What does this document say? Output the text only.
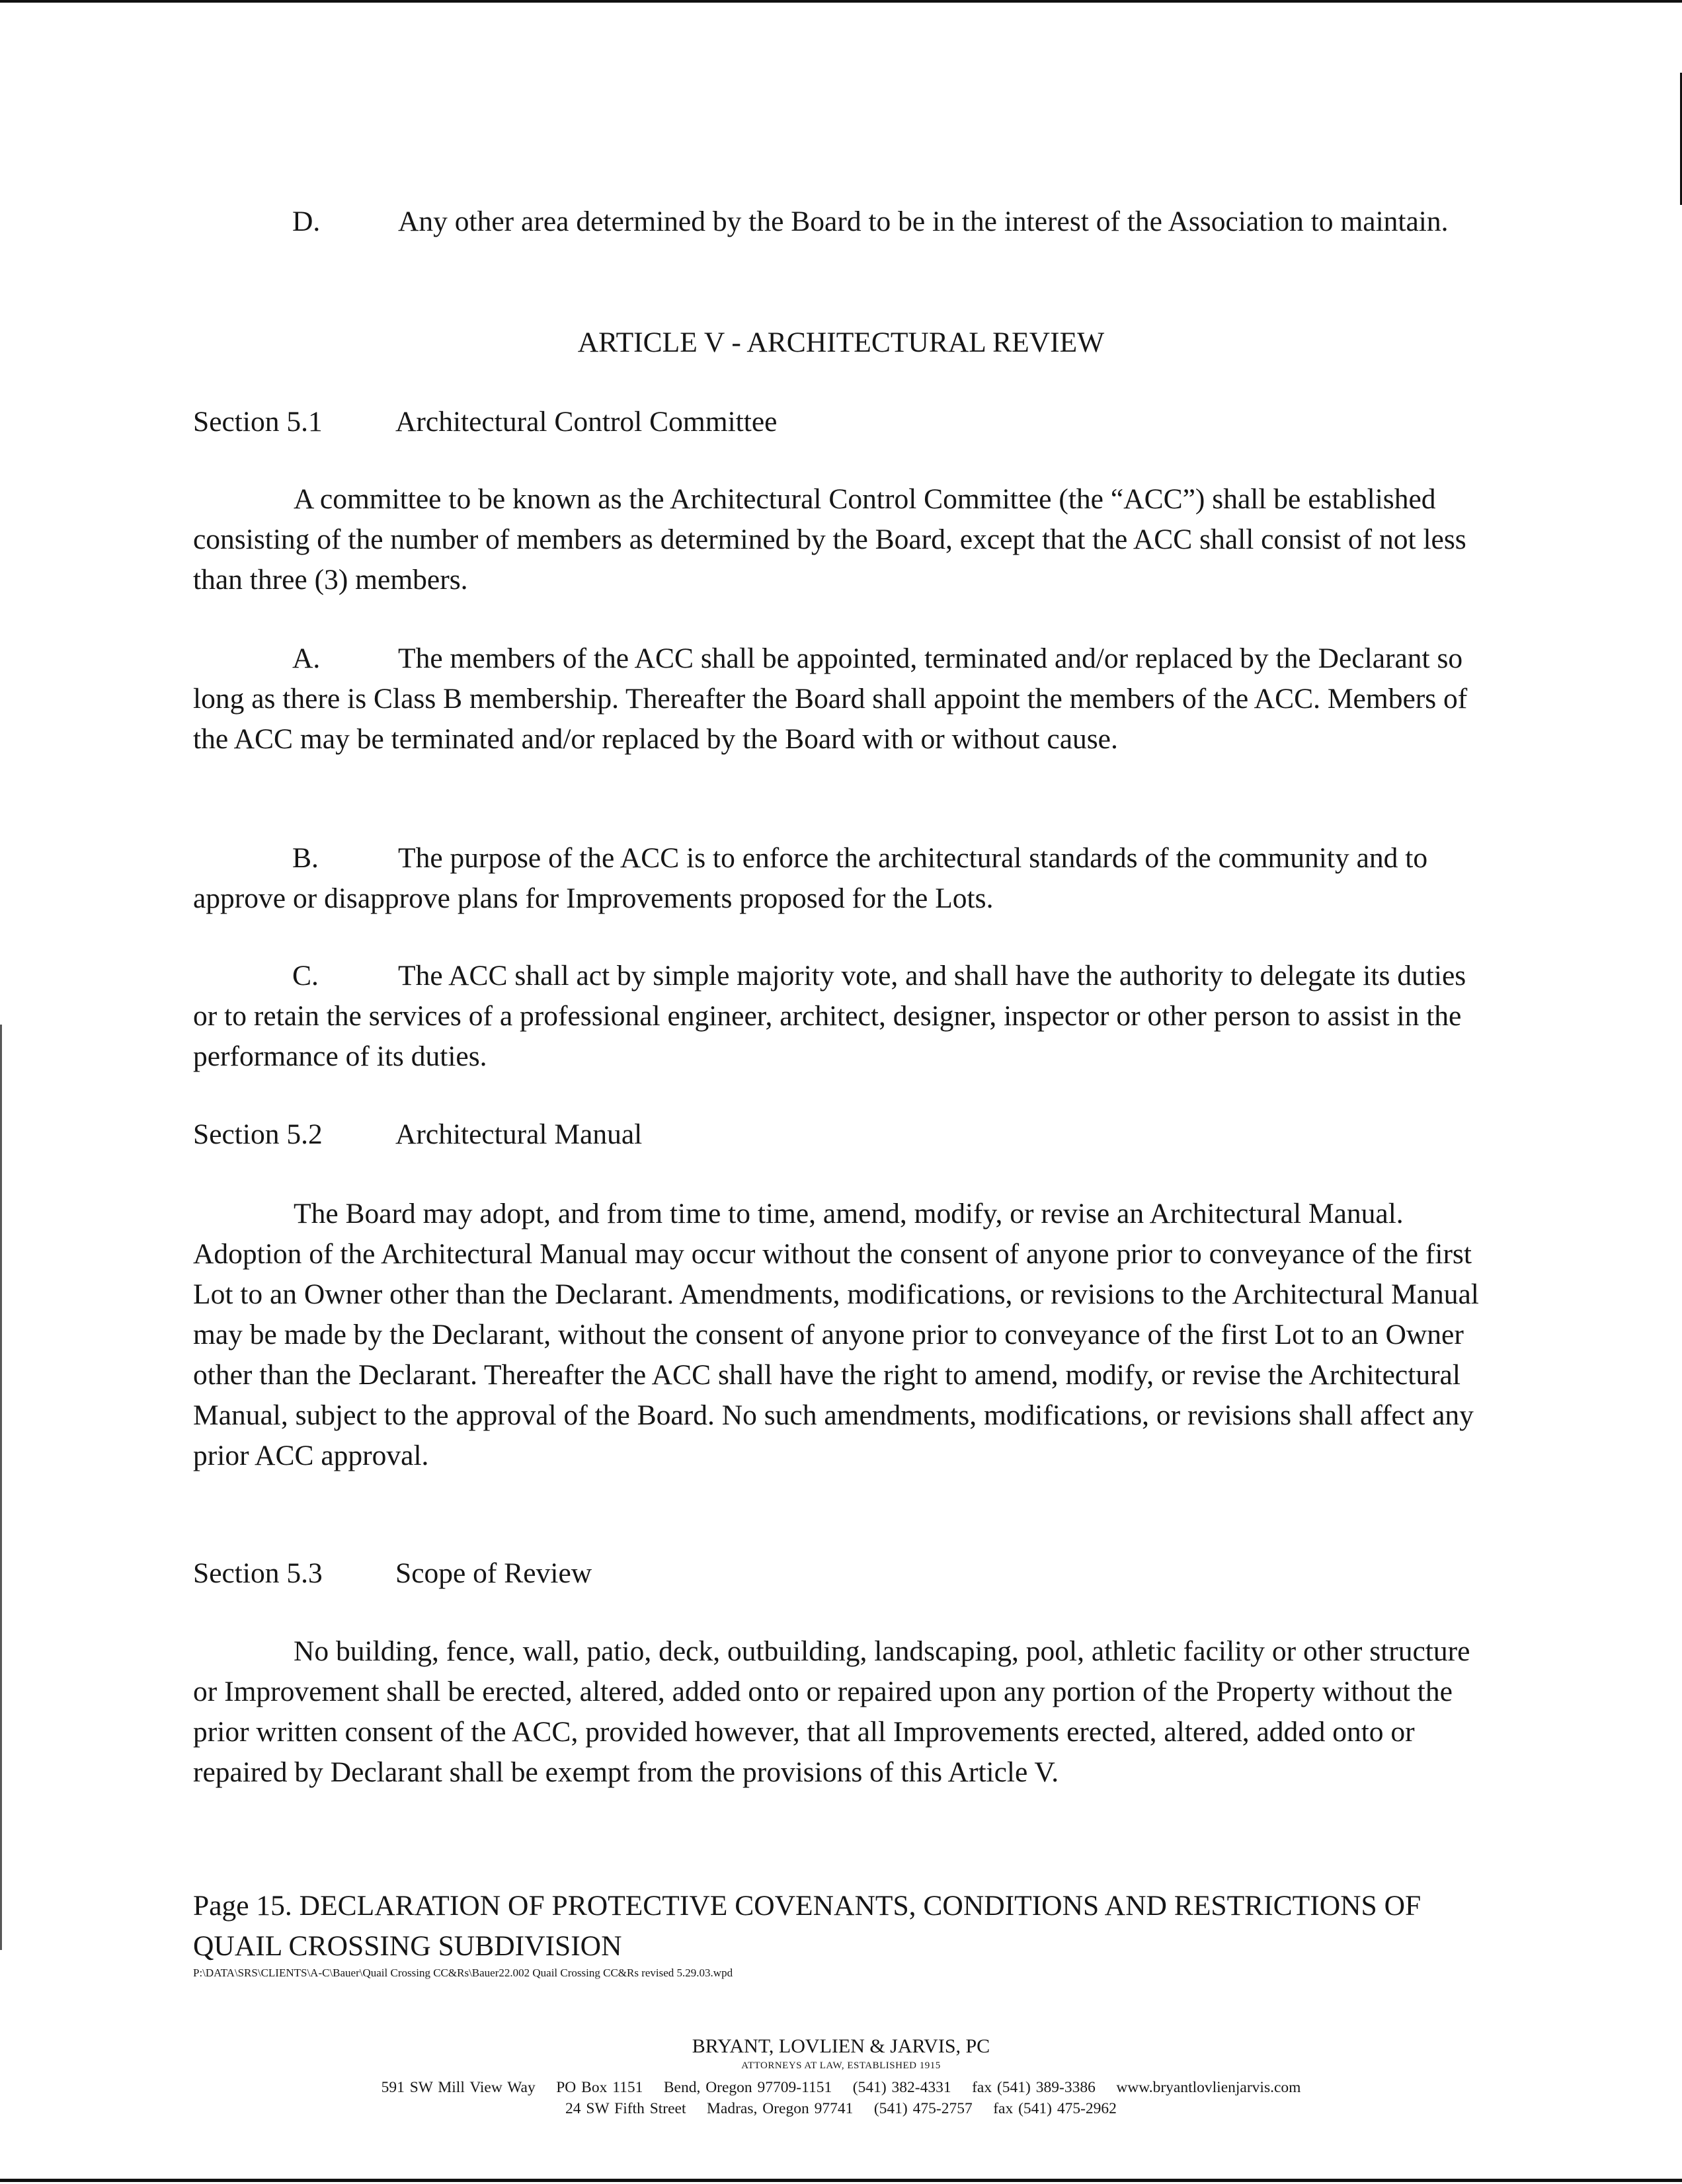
D.	Any other area determined by the Board to be in the interest of the Association to maintain.

ARTICLE V - ARCHITECTURAL REVIEW

Section 5.1	Architectural Control Committee

A committee to be known as the Architectural Control Committee (the “ACC”) shall be established consisting of the number of members as determined by the Board, except that the ACC shall consist of not less than three (3) members.

A.	The members of the ACC shall be appointed, terminated and/or replaced by the Declarant so long as there is Class B membership. Thereafter the Board shall appoint the members of the ACC. Members of the ACC may be terminated and/or replaced by the Board with or without cause.

B.	The purpose of the ACC is to enforce the architectural standards of the community and to approve or disapprove plans for Improvements proposed for the Lots.

C.	The ACC shall act by simple majority vote, and shall have the authority to delegate its duties or to retain the services of a professional engineer, architect, designer, inspector or other person to assist in the performance of its duties.

Section 5.2	Architectural Manual

The Board may adopt, and from time to time, amend, modify, or revise an Architectural Manual. Adoption of the Architectural Manual may occur without the consent of anyone prior to conveyance of the first Lot to an Owner other than the Declarant. Amendments, modifications, or revisions to the Architectural Manual may be made by the Declarant, without the consent of anyone prior to conveyance of the first Lot to an Owner other than the Declarant. Thereafter the ACC shall have the right to amend, modify, or revise the Architectural Manual, subject to the approval of the Board. No such amendments, modifications, or revisions shall affect any prior ACC approval.

Section 5.3	Scope of Review

No building, fence, wall, patio, deck, outbuilding, landscaping, pool, athletic facility or other structure or Improvement shall be erected, altered, added onto or repaired upon any portion of the Property without the prior written consent of the ACC, provided however, that all Improvements erected, altered, added onto or repaired by Declarant shall be exempt from the provisions of this Article V.

Page 15. DECLARATION OF PROTECTIVE COVENANTS, CONDITIONS AND RESTRICTIONS OF QUAIL CROSSING SUBDIVISION

P:\DATA\SRS\CLIENTS\A-C\Bauer\Quail Crossing CC&Rs\Bauer22.002 Quail Crossing CC&Rs revised 5.29.03.wpd

BRYANT, LOVLIEN & JARVIS, PC

ATTORNEYS AT LAW, ESTABLISHED 1915

591 SW Mill View Way    PO Box 1151    Bend, Oregon 97709-1151    (541) 382-4331    fax (541) 389-3386    www.bryantlovlienjarvis.com

24 SW Fifth Street    Madras, Oregon 97741    (541) 475-2757    fax (541) 475-2962
